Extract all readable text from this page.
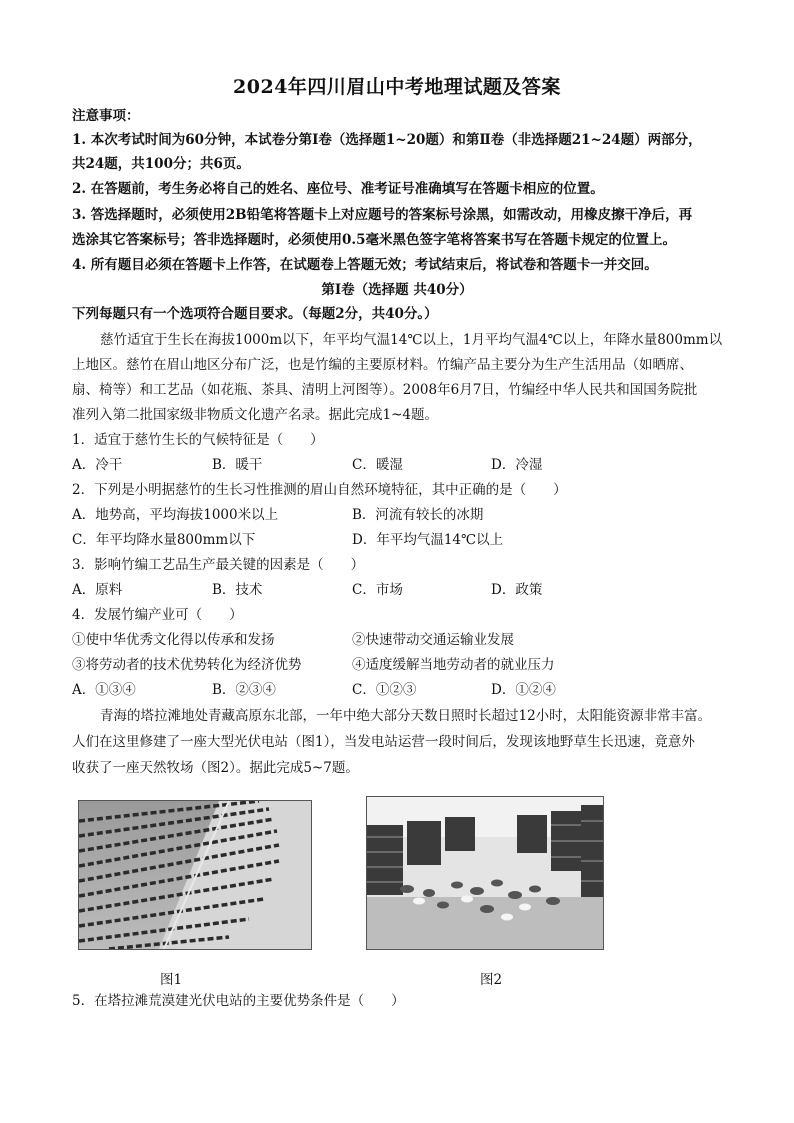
2024年四川眉山中考地理试题及答案
注意事项：
1. 本次考试时间为60分钟，本试卷分第Ⅰ卷（选择题1~20题）和第Ⅱ卷（非选择题21~24题）两部分，
共24题，共100分；共6页。
2. 在答题前，考生务必将自己的姓名、座位号、准考证号准确填写在答题卡相应的位置。
3. 答选择题时，必须使用2B铅笔将答题卡上对应题号的答案标号涂黑，如需改动，用橡皮擦干净后，再
选涂其它答案标号；答非选择题时，必须使用0.5毫米黑色签字笔将答案书写在答题卡规定的位置上。
4. 所有题目必须在答题卡上作答，在试题卷上答题无效；考试结束后，将试卷和答题卡一并交回。
第Ⅰ卷（选择题 共40分）
下列每题只有一个选项符合题目要求。（每题2分，共40分。）
慈竹适宜于生长在海拔1000m以下，年平均气温14℃以上，1月平均气温4℃以上，年降水量800mm以
上地区。慈竹在眉山地区分布广泛，也是竹编的主要原材料。竹编产品主要分为生产生活用品（如晒席、
扇、椅等）和工艺品（如花瓶、茶具、清明上河图等）。2008年6月7日，竹编经中华人民共和国国务院批
准列入第二批国家级非物质文化遗产名录。据此完成1~4题。
1．适宜于慈竹生长的气候特征是（　　）
A．冷干	B．暖干	C．暖湿	D．冷湿
2．下列是小明据慈竹的生长习性推测的眉山自然环境特征，其中正确的是（　　）
A．地势高，平均海拔1000米以上	B．河流有较长的冰期
C．年平均降水量800mm以下	D．年平均气温14℃以上
3．影响竹编工艺品生产最关键的因素是（　　）
A．原料	B．技术	C．市场	D．政策
4．发展竹编产业可（　　）
①使中华优秀文化得以传承和发扬	②快速带动交通运输业发展
③将劳动者的技术优势转化为经济优势	④适度缓解当地劳动者的就业压力
A．①③④	B．②③④	C．①②③	D．①②④
青海的塔拉滩地处青藏高原东北部，一年中绝大部分天数日照时长超过12小时，太阳能资源非常丰富。
人们在这里修建了一座大型光伏电站（图1），当发电站运营一段时间后，发现该地野草生长迅速，竟意外
收获了一座天然牧场（图2）。据此完成5~7题。
图1	图2
5．在塔拉滩荒漠建光伏电站的主要优势条件是（　　）
